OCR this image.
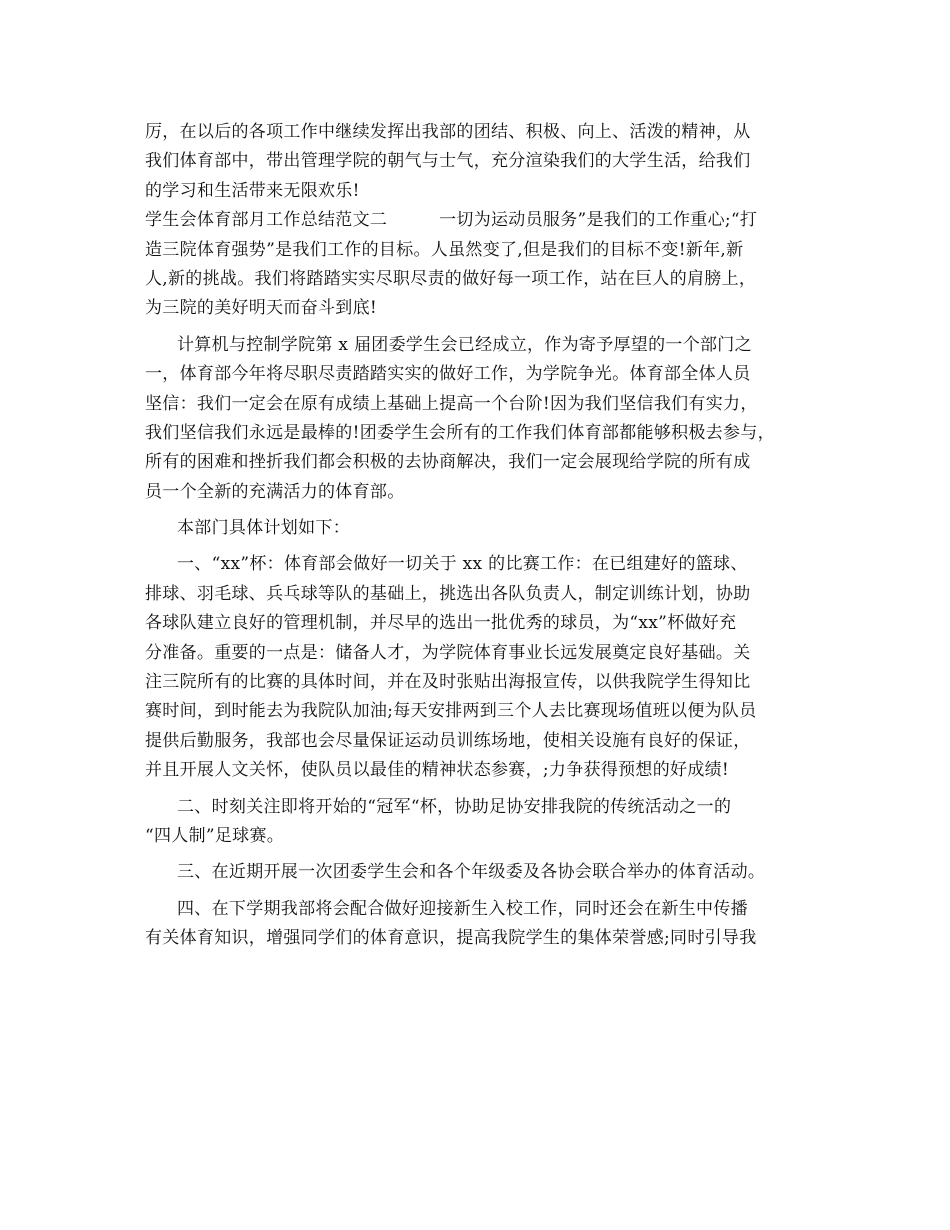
厉，在以后的各项工作中继续发挥出我部的团结、积极、向上、活泼的精神，从
我们体育部中，带出管理学院的朝气与士气，充分渲染我们的大学生活，给我们
的学习和生活带来无限欢乐!
学生会体育部月工作总结范文二　　　一切为运动员服务”是我们的工作重心;“打
造三院体育强势”是我们工作的目标。人虽然变了,但是我们的目标不变!新年,新
人,新的挑战。我们将踏踏实实尽职尽责的做好每一项工作，站在巨人的肩膀上，
为三院的美好明天而奋斗到底!
计算机与控制学院第 x 届团委学生会已经成立，作为寄予厚望的一个部门之
一，体育部今年将尽职尽责踏踏实实的做好工作，为学院争光。体育部全体人员
坚信：我们一定会在原有成绩上基础上提高一个台阶!因为我们坚信我们有实力，
我们坚信我们永远是最棒的!团委学生会所有的工作我们体育部都能够积极去参与，
所有的困难和挫折我们都会积极的去协商解决，我们一定会展现给学院的所有成
员一个全新的充满活力的体育部。
本部门具体计划如下：
一、“xx”杯：体育部会做好一切关于 xx 的比赛工作：在已组建好的篮球、
排球、羽毛球、兵乓球等队的基础上，挑选出各队负责人，制定训练计划，协助
各球队建立良好的管理机制，并尽早的选出一批优秀的球员，为“xx”杯做好充
分准备。重要的一点是：储备人才，为学院体育事业长远发展奠定良好基础。关
注三院所有的比赛的具体时间，并在及时张贴出海报宣传，以供我院学生得知比
赛时间，到时能去为我院队加油;每天安排两到三个人去比赛现场值班以便为队员
提供后勤服务，我部也会尽量保证运动员训练场地，使相关设施有良好的保证，
并且开展人文关怀，使队员以最佳的精神状态参赛，;力争获得预想的好成绩!
二、时刻关注即将开始的“冠军“杯，协助足协安排我院的传统活动之一的
“四人制”足球赛。
三、在近期开展一次团委学生会和各个年级委及各协会联合举办的体育活动。
四、在下学期我部将会配合做好迎接新生入校工作，同时还会在新生中传播
有关体育知识，增强同学们的体育意识，提高我院学生的集体荣誉感;同时引导我
